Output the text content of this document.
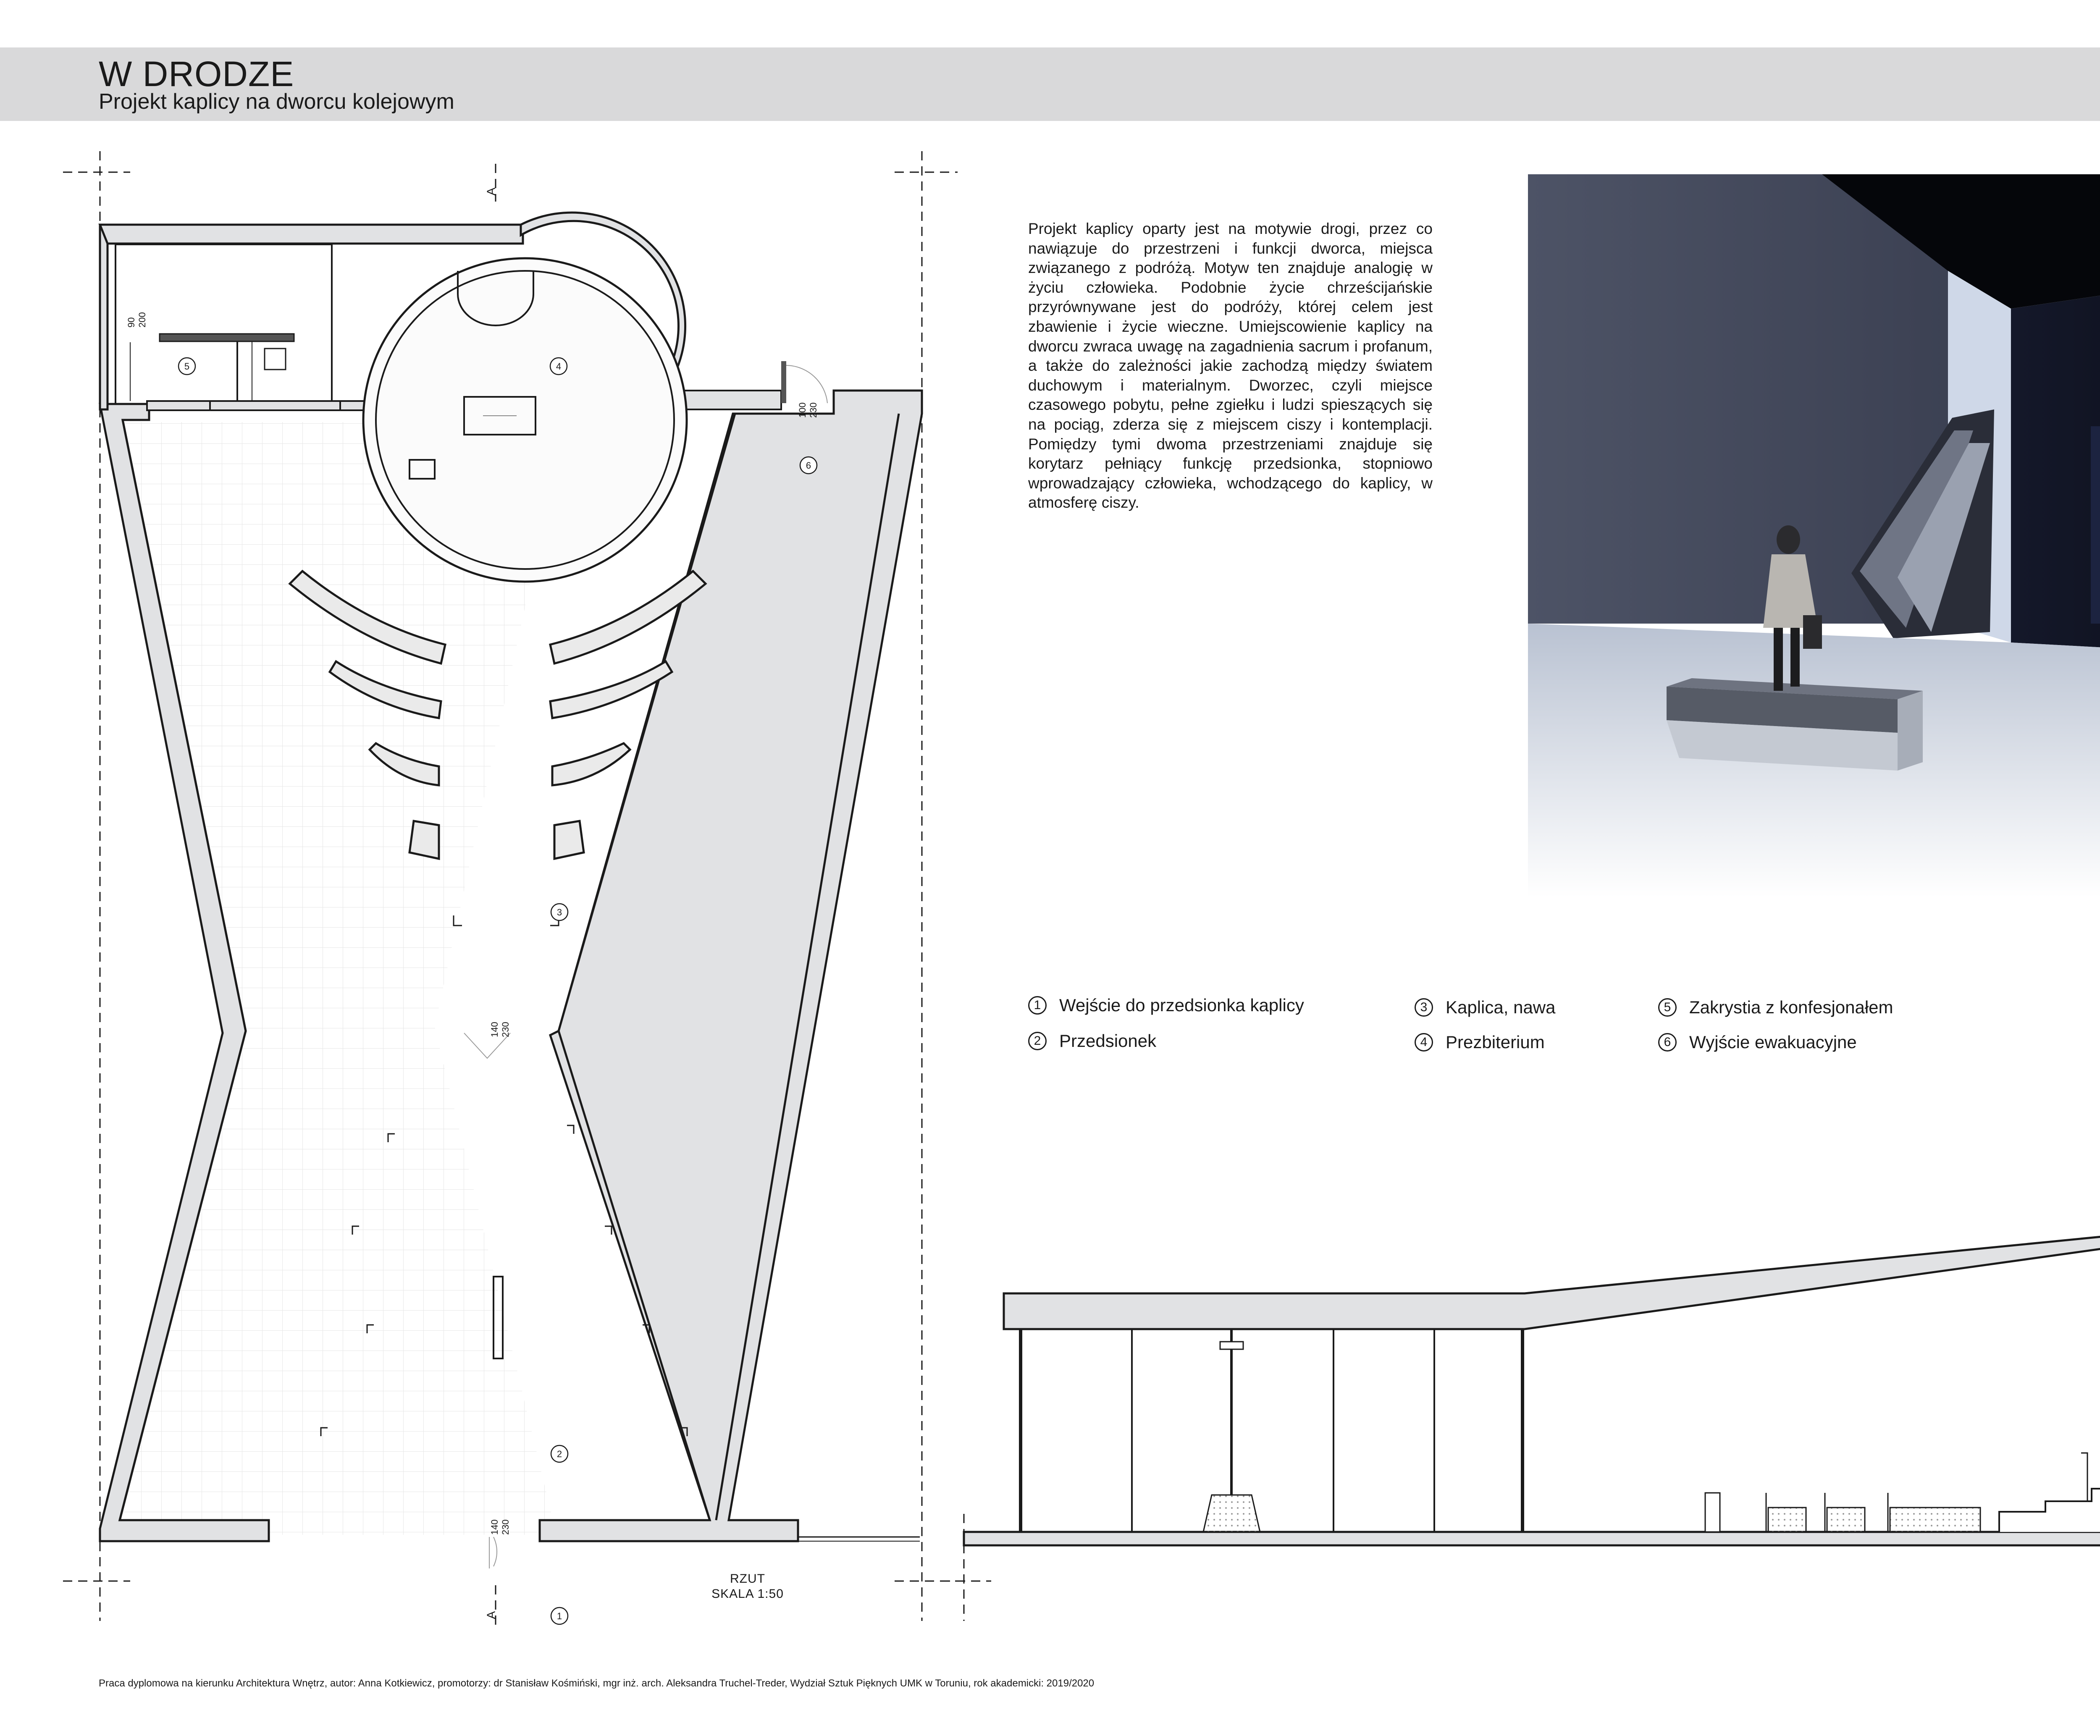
W DRODZE

Projekt kaplicy na dworcu kolejowym

5	4
6
3
2
1
90
200
100
230
140
230
140
230
A
A
RZUT
SKALA 1:50

Projekt kaplicy oparty jest na motywie drogi, przez co nawiązuje do przestrzeni i funkcji dworca, miejsca związanego z podróżą. Motyw ten znajduje analogię w życiu człowieka. Podobnie życie chrześcijańskie przyrównywane jest do podróży, której celem jest zbawienie i życie wieczne. Umiejscowienie kaplicy na dworcu zwraca uwagę na zagadnienia sacrum i profanum, a także do zależności jakie zachodzą między światem duchowym i materialnym. Dworzec, czyli miejsce czasowego pobytu, pełne zgiełku i ludzi spieszących się na pociąg, zderza się z miejscem ciszy i kontemplacji. Pomiędzy tymi dwoma przestrzeniami znajduje się korytarz pełniący funkcję przedsionka, stopniowo wprowadzający człowieka, wchodzącego do kaplicy, w atmosferę ciszy.

1	Wejście do przedsionka kaplicy
2	Przedsionek
3	Kaplica, nawa
4	Prezbiterium
5	Zakrystia z konfesjonałem
6	Wyjście ewakuacyjne

Praca dyplomowa na kierunku Architektura Wnętrz, autor: Anna Kotkiewicz, promotorzy: dr Stanisław Kośmiński, mgr inż. arch. Aleksandra Truchel-Treder, Wydział Sztuk Pięknych UMK w Toruniu, rok akademicki: 2019/2020
